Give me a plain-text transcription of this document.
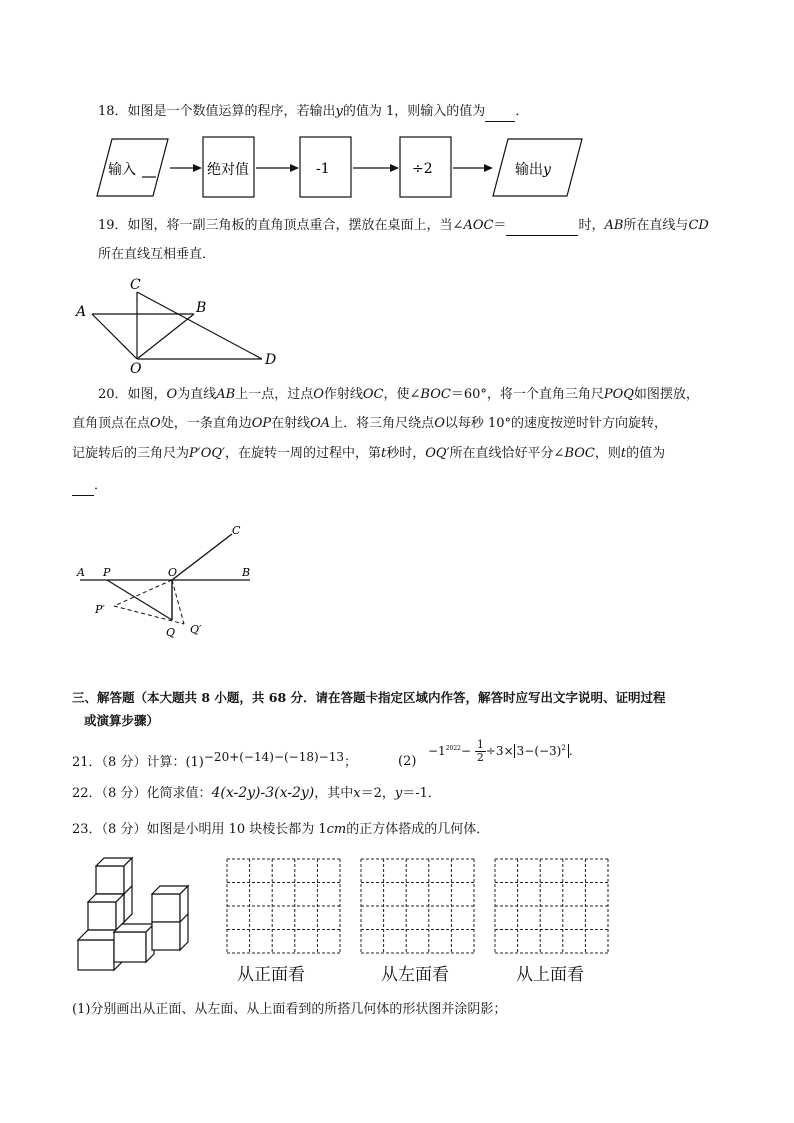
18．如图是一个数值运算的程序，若输出y的值为 1，则输入的值为 ．
输入	绝对值	-1	÷2	输出y
19．如图，将一副三角板的直角顶点重合，摆放在桌面上，当∠AOC＝	时，AB所在直线与CD
所在直线互相垂直．
A	B
C
D
O
20．如图，O为直线AB上一点，过点O作射线OC，使∠BOC＝60°，将一个直角三角尺POQ如图摆放，
直角顶点在点O处，一条直角边OP在射线OA上．将三角尺绕点O以每秒 10°的速度按逆时针方向旋转，
记旋转后的三角尺为P′OQ′，在旋转一周的过程中，第t秒时，OQ′所在直线恰好平分∠BOC，则t的值为
．
A P	O	B
C
P′
Q Q′
三、解答题（本大题共 8 小题，共 68 分．请在答题卡指定区域内作答，解答时应写出文字说明、证明过程
或演算步骤）
21．（8 分）计算：(1)−20+(−14)−(−18)−13；	(2)
$-1^{2022}- \frac{1}{2} \div 3\times 3-(-3)^2$ .
22．（8 分）化简求值：4(x-2y)-3(x-2y)，其中x＝2，y＝-1．
23．（8 分）如图是小明用 10 块棱长都为 1cm的正方体搭成的几何体．
从正面看	从左面看	从上面看
(1)分别画出从正面、从左面、从上面看到的所搭几何体的形状图并涂阴影；
